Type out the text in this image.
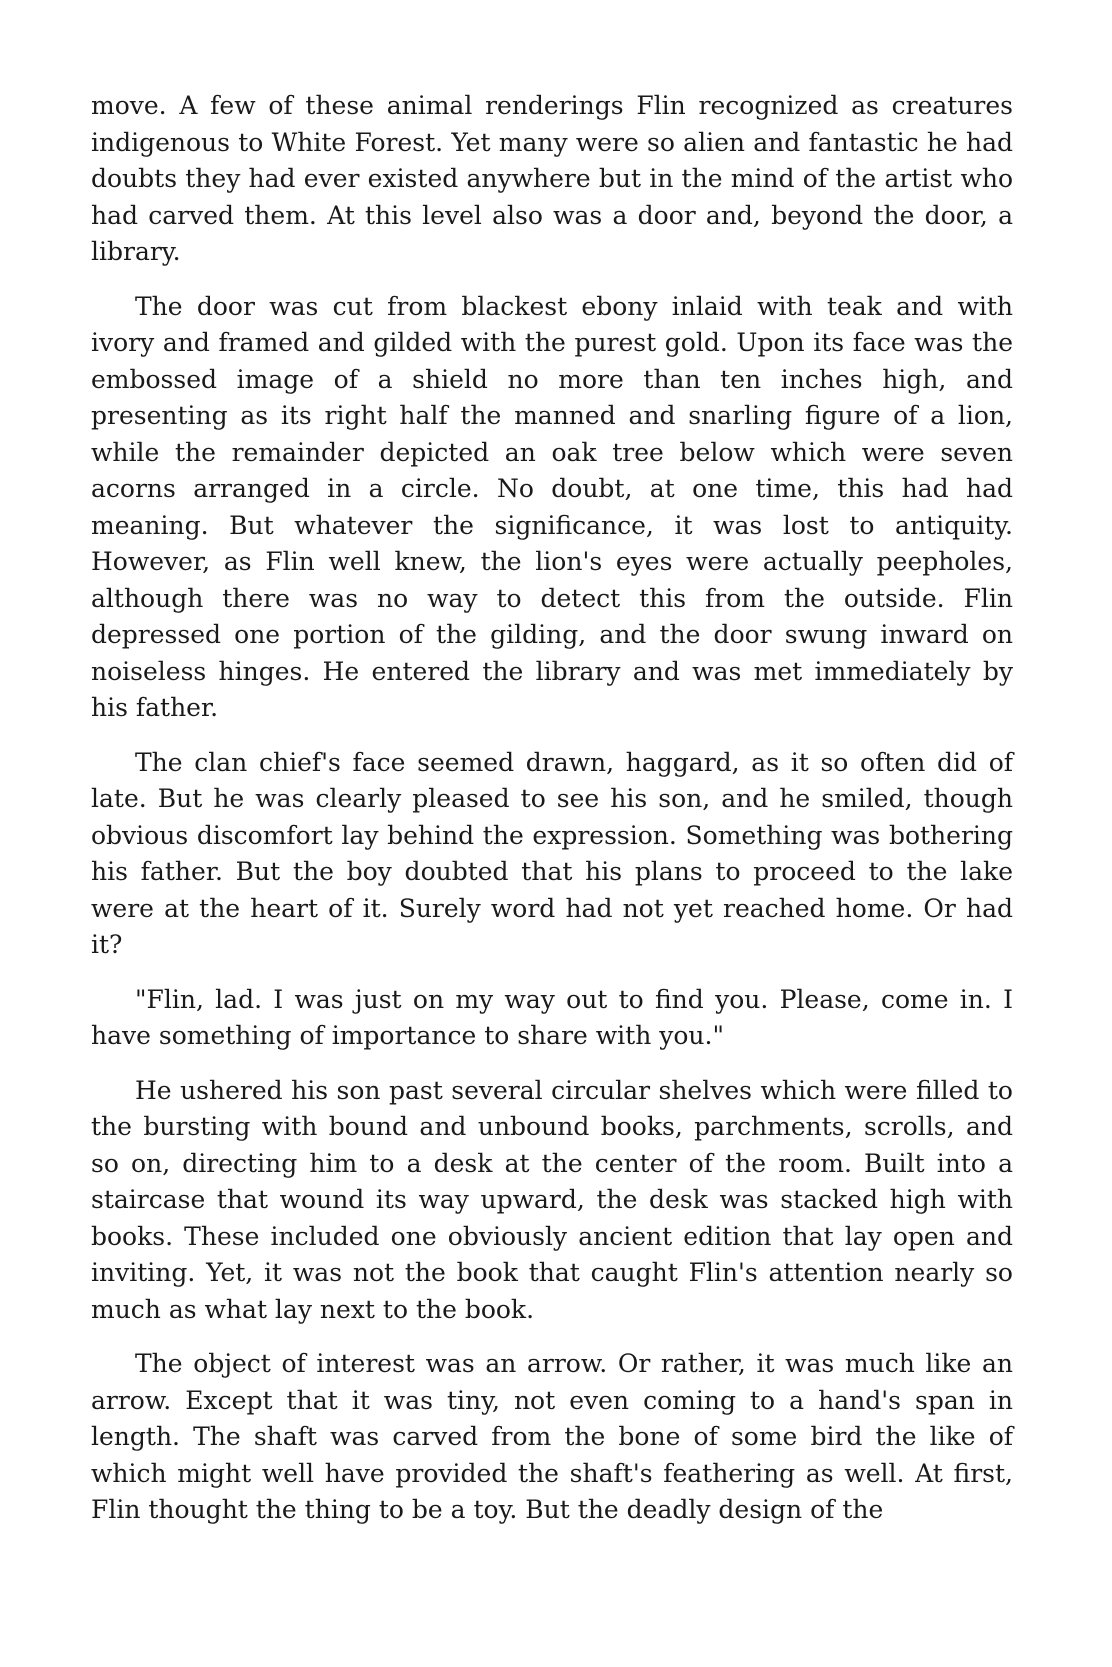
move. A few of these animal renderings Flin recognized as creatures indigenous to White Forest. Yet many were so alien and fantastic he had doubts they had ever existed anywhere but in the mind of the artist who had carved them. At this level also was a door and, beyond the door, a library.

The door was cut from blackest ebony inlaid with teak and with ivory and framed and gilded with the purest gold. Upon its face was the embossed image of a shield no more than ten inches high, and presenting as its right half the manned and snarling figure of a lion, while the remainder depicted an oak tree below which were seven acorns arranged in a circle. No doubt, at one time, this had had meaning. But whatever the significance, it was lost to antiquity. However, as Flin well knew, the lion's eyes were actually peepholes, although there was no way to detect this from the outside. Flin depressed one portion of the gilding, and the door swung inward on noiseless hinges. He entered the library and was met immediately by his father.

The clan chief's face seemed drawn, haggard, as it so often did of late. But he was clearly pleased to see his son, and he smiled, though obvious discomfort lay behind the expression. Something was bothering his father. But the boy doubted that his plans to proceed to the lake were at the heart of it. Surely word had not yet reached home. Or had it?

"Flin, lad. I was just on my way out to find you. Please, come in. I have something of importance to share with you."

He ushered his son past several circular shelves which were filled to the bursting with bound and unbound books, parchments, scrolls, and so on, directing him to a desk at the center of the room. Built into a staircase that wound its way upward, the desk was stacked high with books. These included one obviously ancient edition that lay open and inviting. Yet, it was not the book that caught Flin's attention nearly so much as what lay next to the book.

The object of interest was an arrow. Or rather, it was much like an arrow. Except that it was tiny, not even coming to a hand's span in length. The shaft was carved from the bone of some bird the like of which might well have provided the shaft's feathering as well. At first, Flin thought the thing to be a toy. But the deadly design of the
